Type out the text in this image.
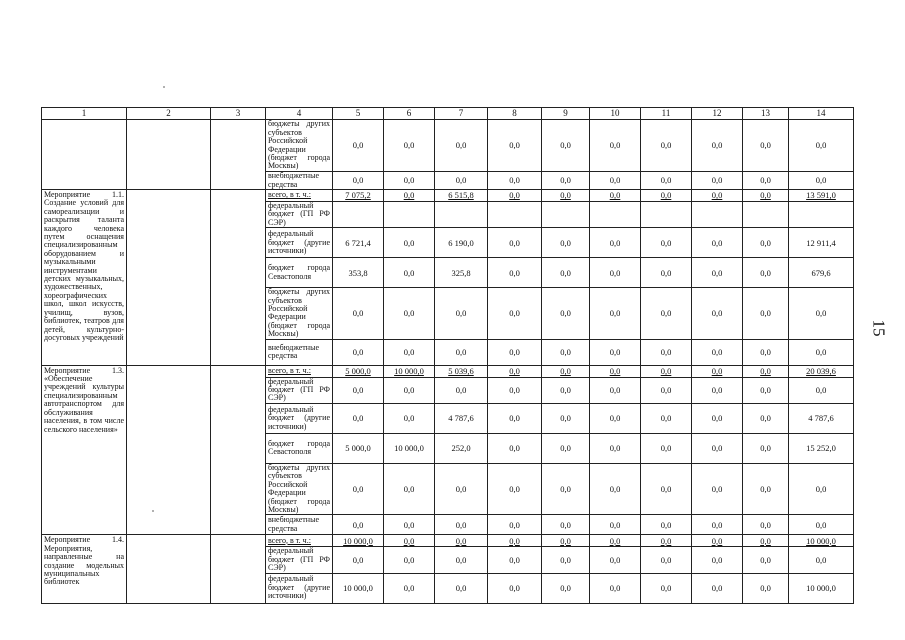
1	2	3	4	5	6	7	8	9	10	11	12	13	14
			бюджеты других субъектов Российской Федерации (бюджет города Москвы)	0,0	0,0	0,0	0,0	0,0	0,0	0,0	0,0	0,0	0,0
			внебюджетные средства	0,0	0,0	0,0	0,0	0,0	0,0	0,0	0,0	0,0	0,0
Мероприятие 1.1. Создание условий для самореализации и раскрытия таланта каждого человека путем оснащения специализированным оборудованием и музыкальными инструментами детских музыкальных, художественных, хореографических школ, школ искусств, училищ, вузов, библиотек, театров для детей, культурно-досуговых учреждений			всего, в т. ч.:	7 075,2	0,0	6 515,8	0,0	0,0	0,0	0,0	0,0	0,0	13 591,0
			федеральный бюджет (ГП РФ СЭР)										
			федеральный бюджет (другие источники)	6 721,4	0,0	6 190,0	0,0	0,0	0,0	0,0	0,0	0,0	12 911,4
			бюджет города Севастополя	353,8	0,0	325,8	0,0	0,0	0,0	0,0	0,0	0,0	679,6
			бюджеты других субъектов Российской Федерации (бюджет города Москвы)	0,0	0,0	0,0	0,0	0,0	0,0	0,0	0,0	0,0	0,0
			внебюджетные средства	0,0	0,0	0,0	0,0	0,0	0,0	0,0	0,0	0,0	0,0
Мероприятие 1.3. «Обеспечение учреждений культуры специализированным автотранспортом для обслуживания населения, в том числе сельского населения»			всего, в т. ч.:	5 000,0	10 000,0	5 039,6	0,0	0,0	0,0	0,0	0,0	0,0	20 039,6
			федеральный бюджет (ГП РФ СЭР)	0,0	0,0	0,0	0,0	0,0	0,0	0,0	0,0	0,0	0,0
			федеральный бюджет (другие источники)	0,0	0,0	4 787,6	0,0	0,0	0,0	0,0	0,0	0,0	4 787,6
			бюджет города Севастополя	5 000,0	10 000,0	252,0	0,0	0,0	0,0	0,0	0,0	0,0	15 252,0
			бюджеты других субъектов Российской Федерации (бюджет города Москвы)	0,0	0,0	0,0	0,0	0,0	0,0	0,0	0,0	0,0	0,0
			внебюджетные средства	0,0	0,0	0,0	0,0	0,0	0,0	0,0	0,0	0,0	0,0
Мероприятие 1.4. Мероприятия, направленные на создание модельных муниципальных библиотек			всего, в т. ч.:	10 000,0	0,0	0,0	0,0	0,0	0,0	0,0	0,0	0,0	10 000,0
			федеральный бюджет (ГП РФ СЭР)	0,0	0,0	0,0	0,0	0,0	0,0	0,0	0,0	0,0	0,0
			федеральный бюджет (другие источники)	10 000,0	0,0	0,0	0,0	0,0	0,0	0,0	0,0	0,0	10 000,0
15
